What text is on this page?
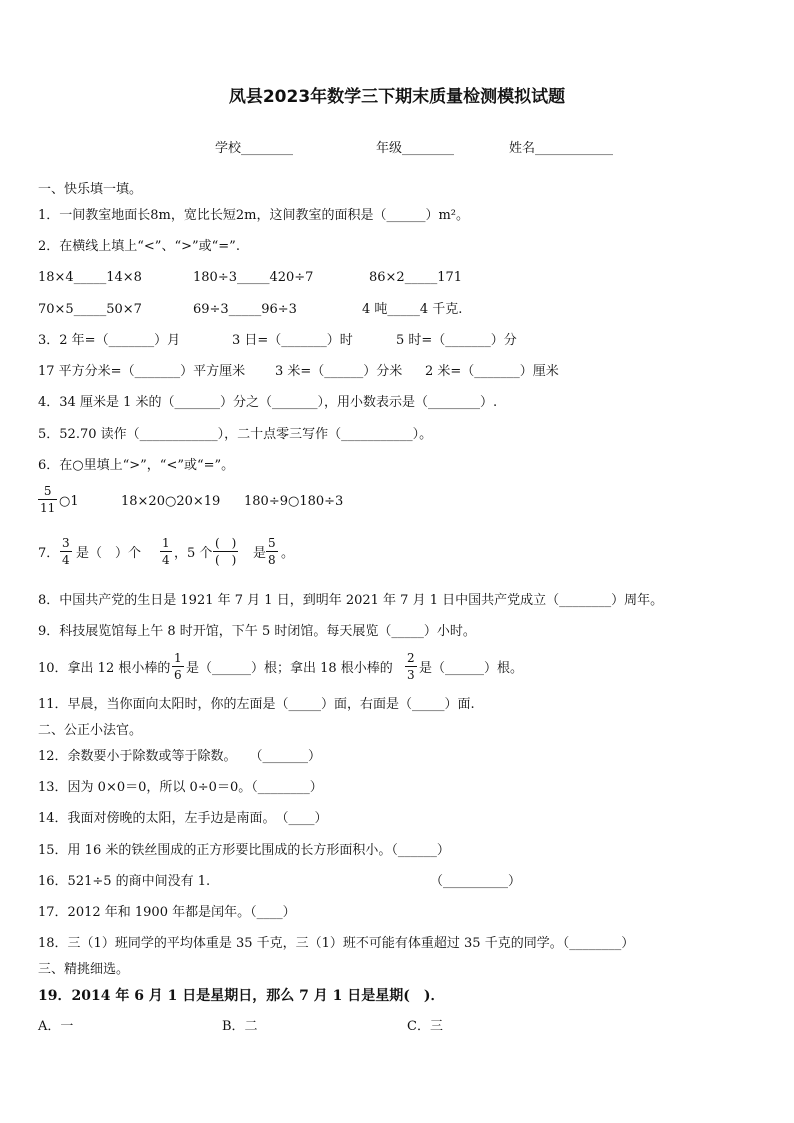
凤县2023年数学三下期末质量检测模拟试题
学校________	年级________	姓名____________
一、快乐填一填。
1．一间教室地面长8m，宽比长短2m，这间教室的面积是（______）m²。
2．在横线上填上“<”、“>”或“=”.
18×4_____14×8	180÷3_____420÷7	86×2_____171
70×5_____50×7	69÷3_____96÷3	4 吨_____4 千克.
3．2 年=（_______）月	3 日=（_______）时	5 时=（_______）分
17 平方分米=（_______）平方厘米 3 米=（______）分米 2 米=（_______）厘米
4．34 厘米是 1 米的（_______）分之（_______），用小数表示是（________）.
5．52.70 读作（____________），二十点零三写作（___________）。
6．在○里填上“>”，“<”或“=”。
5
11 ○1	18×20○20×19 180÷9○180÷3
7．
3
4 是（　）个
1
4 ，5 个
(　)
(　) 是
5
8 。
8．中国共产党的生日是 1921 年 7 月 1 日，到明年 2021 年 7 月 1 日中国共产党成立（________）周年。
9．科技展览馆每上午 8 时开馆，下午 5 时闭馆。每天展览（_____）小时。
10．拿出 12 根小棒的
1
6 是（______）根；拿出 18 根小棒的
2
3 是（______）根。
11．早晨，当你面向太阳时，你的左面是（_____）面，右面是（_____）面.
二、公正小法官。
12．余数要小于除数或等于除数。　　（_______）
13．因为 0×0＝0，所以 0÷0＝0。（________）
14．我面对傍晚的太阳，左手边是南面。　（____）
15．用 16 米的铁丝围成的正方形要比围成的长方形面积小。（______）
16．521÷5 的商中间没有 1.	（__________）
17．2012 年和 1900 年都是闰年。（____）
18．三（1）班同学的平均体重是 35 千克，三（1）班不可能有体重超过 35 千克的同学。（________）
三、精挑细选。
19．2014 年 6 月 1 日是星期日，那么 7 月 1 日是星期(　)．
A．一	B．二	C．三
